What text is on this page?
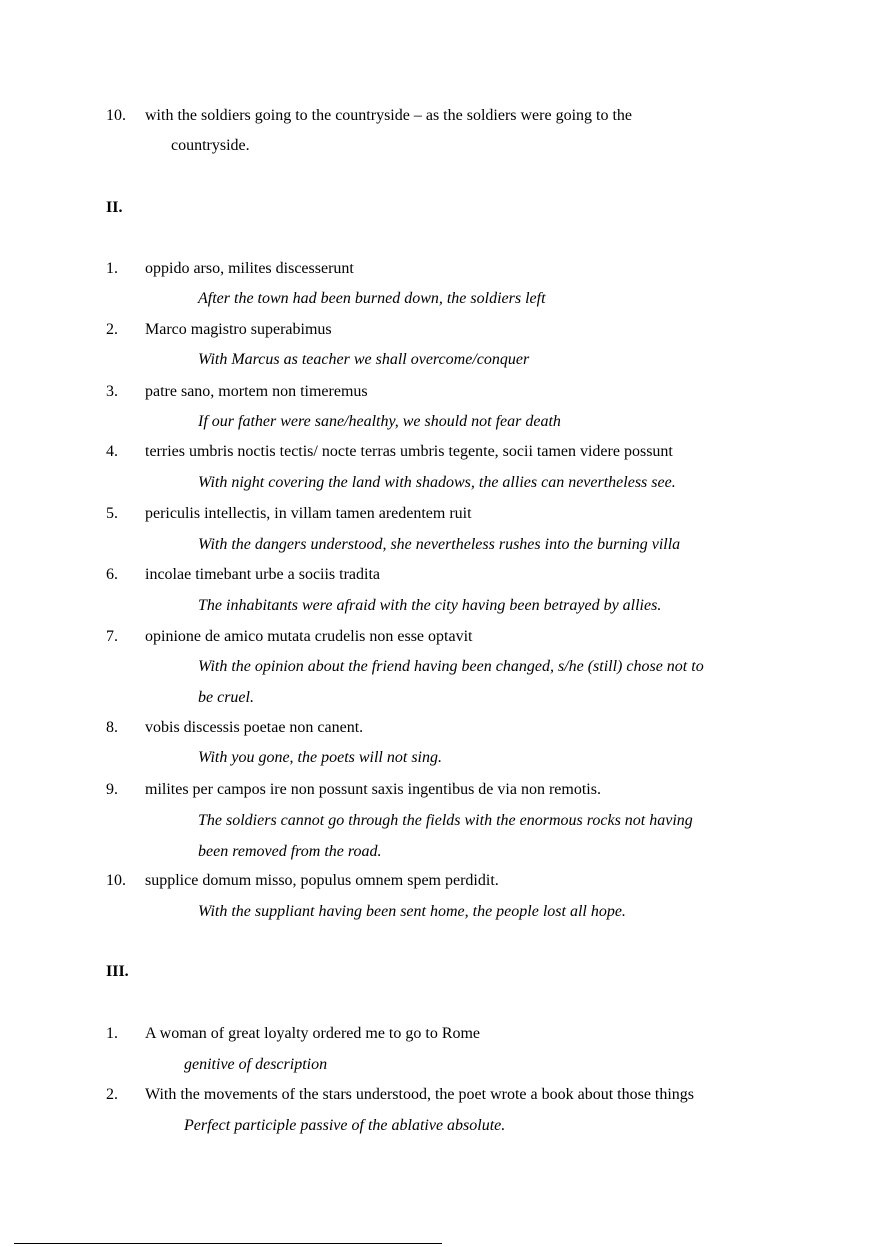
10. with the soldiers going to the countryside – as the soldiers were going to the
countryside.
II.
1. oppido arso, milites discesserunt
After the town had been burned down, the soldiers left
2. Marco magistro superabimus
With Marcus as teacher we shall overcome/conquer
3. patre sano, mortem non timeremus
If our father were sane/healthy, we should not fear death
4. terries umbris noctis tectis/ nocte terras umbris tegente, socii tamen videre possunt
With night covering the land with shadows, the allies can nevertheless see.
5. periculis intellectis, in villam tamen aredentem ruit
With the dangers understood, she nevertheless rushes into the burning villa
6. incolae timebant urbe a sociis tradita
The inhabitants were afraid with the city having been betrayed by allies.
7. opinione de amico mutata crudelis non esse optavit
With the opinion about the friend having been changed, s/he (still) chose not to
be cruel.
8. vobis discessis poetae non canent.
With you gone, the poets will not sing.
9. milites per campos ire non possunt saxis ingentibus de via non remotis.
The soldiers cannot go through the fields with the enormous rocks not having
been removed from the road.
10. supplice domum misso, populus omnem spem perdidit.
With the suppliant having been sent home, the people lost all hope.
III.
1. A woman of great loyalty ordered me to go to Rome
genitive of description
2. With the movements of the stars understood, the poet wrote a book about those things
Perfect participle passive of the ablative absolute.
